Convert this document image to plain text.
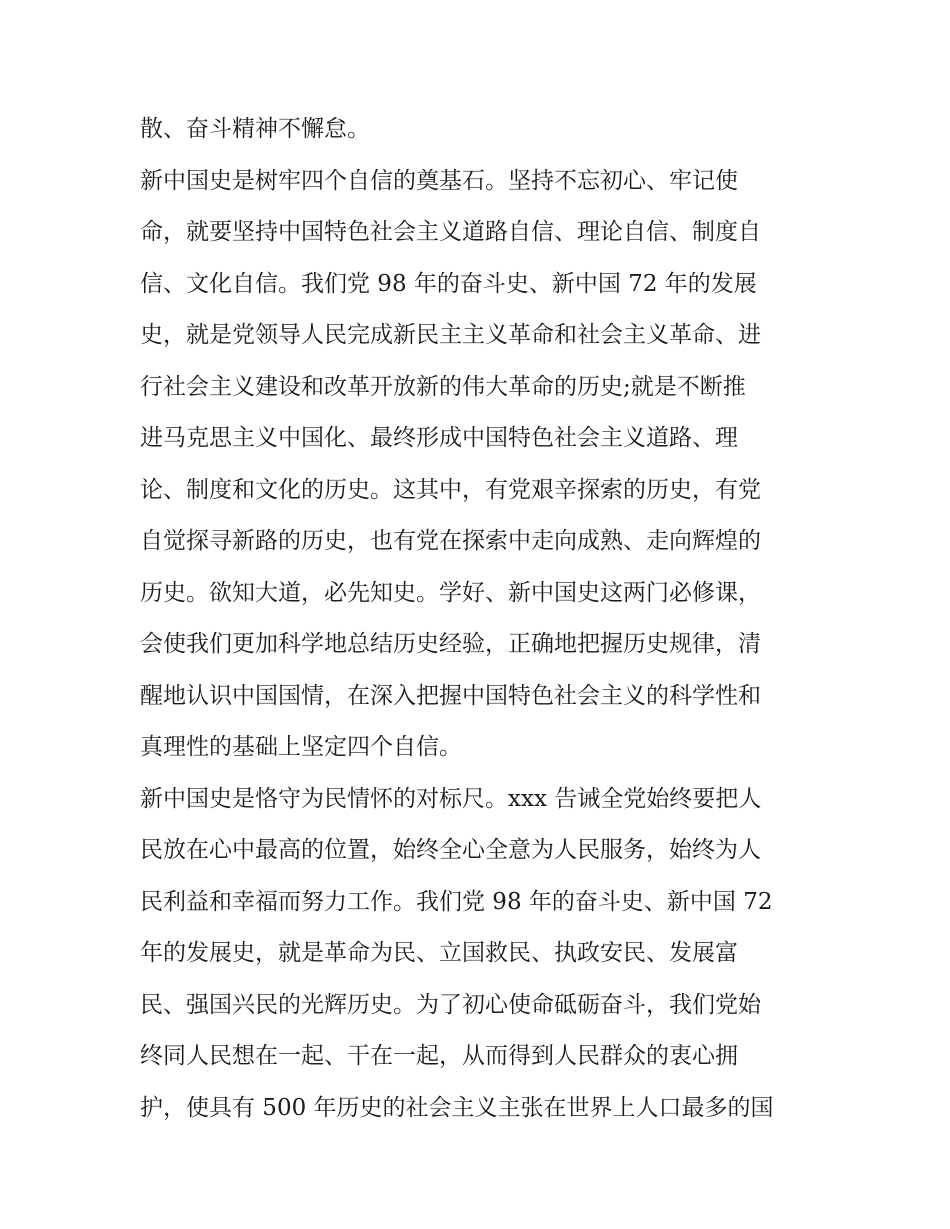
散、奋斗精神不懈怠。
新中国史是树牢四个自信的奠基石。坚持不忘初心、牢记使
命，就要坚持中国特色社会主义道路自信、理论自信、制度自
信、文化自信。我们党 98 年的奋斗史、新中国 72 年的发展
史，就是党领导人民完成新民主主义革命和社会主义革命、进
行社会主义建设和改革开放新的伟大革命的历史;就是不断推
进马克思主义中国化、最终形成中国特色社会主义道路、理
论、制度和文化的历史。这其中，有党艰辛探索的历史，有党
自觉探寻新路的历史，也有党在探索中走向成熟、走向辉煌的
历史。欲知大道，必先知史。学好、新中国史这两门必修课，
会使我们更加科学地总结历史经验，正确地把握历史规律，清
醒地认识中国国情，在深入把握中国特色社会主义的科学性和
真理性的基础上坚定四个自信。
新中国史是恪守为民情怀的对标尺。xxx 告诫全党始终要把人
民放在心中最高的位置，始终全心全意为人民服务，始终为人
民利益和幸福而努力工作。我们党 98 年的奋斗史、新中国 72
年的发展史，就是革命为民、立国救民、执政安民、发展富
民、强国兴民的光辉历史。为了初心使命砥砺奋斗，我们党始
终同人民想在一起、干在一起，从而得到人民群众的衷心拥
护，使具有 500 年历史的社会主义主张在世界上人口最多的国
